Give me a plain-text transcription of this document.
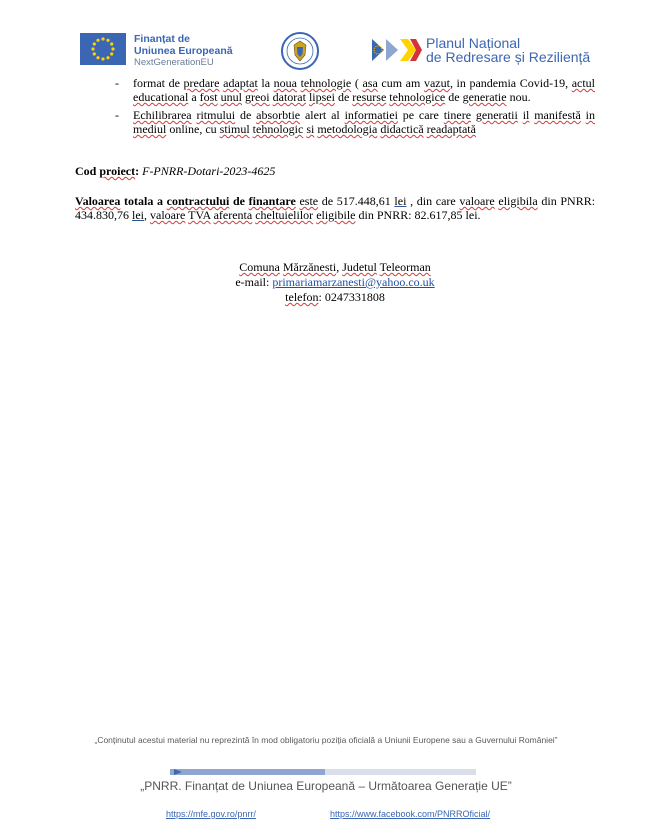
Finanțat de
Uniunea Europeană
NextGenerationEU
Planul Național
de Redresare și Reziliență
- format de predare adaptat la noua tehnologie ( asa cum am vazut, in pandemia Covid-19, actul educational a fost unul greoi datorat lipsei de resurse tehnologice de generatie nou.
- Echilibrarea ritmului de absorbtie alert al informatiei pe care tinere generatii il manifestă in mediul online, cu stimul tehnologic si metodologia didactică readaptată
Cod proiect: F-PNRR-Dotari-2023-4625
Valoarea totala a contractului de finantare este de 517.448,61 lei , din care valoare eligibila din PNRR: 434.830,76 lei, valoare TVA aferenta cheltuielilor eligibile din PNRR: 82.617,85 lei.
Comuna Mărzănesti, Judetul Teleorman
e-mail: primariamarzanesti@yahoo.co.uk
telefon: 0247331808
„Conținutul acestui material nu reprezintă în mod obligatoriu poziția oficială a Uniunii Europene sau a Guvernului României”
„PNRR. Finanțat de Uniunea Europeană – Următoarea Generație UE”
https://mfe.gov.ro/pnrr/	https://www.facebook.com/PNRROficial/
